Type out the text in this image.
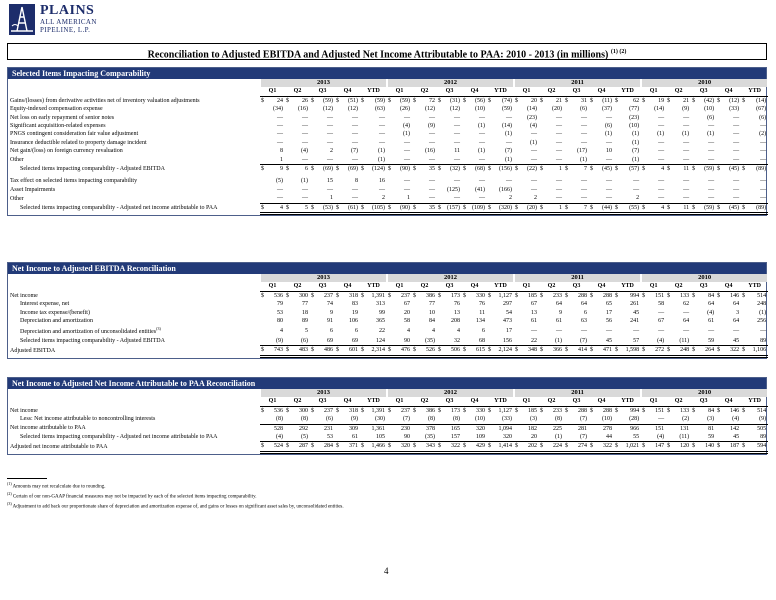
PLAINS
ALL AMERICAN
PIPELINE, L.P.
Reconciliation to Adjusted EBITDA and Adjusted Net Income Attributable to PAA: 2010 - 2013 (in millions) $^{(1) (2)}$
Selected Items Impacting Comparability
	2013										2012										2011										2010									
	Q1		Q2		Q3		Q4		YTD		Q1		Q2		Q3		Q4		YTD		Q1		Q2		Q3		Q4		YTD		Q1		Q2		Q3		Q4		YTD	
Gains/(losses) from derivative activities net of inventory valuation adjustments	$	24	$	26	$	(59)	$	(51)	$	(59)	$	(59)	$	72	$	(31)	$	(56)	$	(74)	$	20	$	21	$	31	$	(11)	$	62	$	19	$	21	$	(42)	$	(12)	$	(14)
Equity-indexed compensation expense		(34)		(16)		(12)		(12)		(63)		(26)		(12)		(12)		(10)		(59)		(14)		(20)		(6)		(37)		(77)		(14)		(9)		(10)		(33)		(67)
Net loss on early repayment of senior notes		—		—		—		—		—		—		—		—		—		—		(23)		—		—		—		(23)		—		—		(6)		—		(6)
Significant acquisition-related expenses		—		—		—		—		—		(4)		(9)		—		(1)		(14)		(4)		—		—		(6)		(10)		—		—		—		—		—
PNGS contingent consideration fair value adjustment		—		—		—		—		—		(1)		—		—		—		(1)		—		—		—		(1)		(1)		(1)		(1)		(1)		—		(2)
Insurance deductible related to property damage incident		—		—		—		—		—		—		—		—		—		—		(1)		—		—		—		(1)		—		—		—		—		—
Net gain/(loss) on foreign currency revaluation		8		(4)		2		(7)		(1)		—		(16)		11		(1)		(7)		—		—		(17)		10		(7)		—		—		—		—		—
Other		1		—		—		—		(1)		—		—		—		—		(1)		—		—		(1)		—		(1)		—		—		—		—		—
Selected items impacting comparability - Adjusted EBITDA	$	9	$	6	$	(69)	$	(69)	$	(124)	$	(90)	$	35	$	(32)	$	(68)	$	(156)	$	(22)	$	1	$	7	$	(45)	$	(57)	$	4	$	11	$	(59)	$	(45)	$	(89)

Tax effect on selected items impacting comparability		(5)		(1)		15		8		16		—		—		—		—		—		—		—		—		—		—		—		—		—		—		—
Asset Impairments		—		—		—		—		—		—		—		(125)		(41)		(166)		—		—		—		—		—		—		—		—		—		—
Other		—		—		1		—		2		1		—		—		—		2		2		—		—		—		2		—		—		—		—		—
Selected items impacting comparability - Adjusted net income attributable to PAA	$	4	$	5	$	(53)	$	(61)	$	(105)	$	(90)	$	35	$	(157)	$	(109)	$	(320)	$	(20)	$	1	$	7	$	(44)	$	(55)	$	4	$	11	$	(59)	$	(45)	$	(89)
Net Income to Adjusted EBITDA Reconciliation
	2013										2012										2011										2010									
	Q1		Q2		Q3		Q4		YTD		Q1		Q2		Q3		Q4		YTD		Q1		Q2		Q3		Q4		YTD		Q1		Q2		Q3		Q4		YTD	
Net income	$	536	$	300	$	237	$	318	$	1,391	$	237	$	386	$	173	$	330	$	1,127	$	185	$	233	$	288	$	288	$	994	$	151	$	133	$	84	$	146	$	514
Interest expense, net		79		77		74		83		313		67		77		76		76		297		67		64		64		65		261		58		62		64		64		248
Income tax expense/(benefit)		53		18		9		19		99		20		10		13		11		54		13		9		6		17		45		—		—		(4)		3		(1)
Depreciation and amortization		80		89		91		106		365		58		84		208		134		473		61		61		63		56		241		67		64		61		64		256
Depreciation and amortization of unconsolidated entities$^{(3)}$		4		5		6		6		22		4		4		4		6		17		—		—		—		—		—		—		—		—		—		—
Selected items impacting comparability - Adjusted EBITDA		(9)		(6)		69		69		124		90		(35)		32		68		156		22		(1)		(7)		45		57		(4)		(11)		59		45		89
Adjusted EBITDA	$	743	$	483	$	486	$	601	$	2,314	$	476	$	526	$	506	$	615	$	2,124	$	348	$	366	$	414	$	471	$	1,598	$	272	$	248	$	264	$	322	$	1,106
Net Income to Adjusted Net Income Attributable to PAA Reconciliation
	2013										2012										2011										2010									
	Q1		Q2		Q3		Q4		YTD		Q1		Q2		Q3		Q4		YTD		Q1		Q2		Q3		Q4		YTD		Q1		Q2		Q3		Q4		YTD	
Net income	$	536	$	300	$	237	$	318	$	1,391	$	237	$	386	$	173	$	330	$	1,127	$	185	$	233	$	288	$	288	$	994	$	151	$	133	$	84	$	146	$	514
Less: Net income attributable to noncontrolling interests		(8)		(8)		(6)		(9)		(30)		(7)		(8)		(8)		(10)		(33)		(3)		(8)		(7)		(10)		(28)		—		(2)		(3)		(4)		(9)
Net income attributable to PAA		528		292		231		309		1,361		230		378		165		320		1,094		182		225		281		278		966		151		131		81		142		505
Selected items impacting comparability - Adjusted net income attributable to PAA		(4)		(5)		53		61		105		90		(35)		157		109		320		20		(1)		(7)		44		55		(4)		(11)		59		45		89
Adjusted net income attributable to PAA	$	524	$	287	$	284	$	371	$	1,466	$	320	$	343	$	322	$	429	$	1,414	$	202	$	224	$	274	$	322	$	1,021	$	147	$	120	$	140	$	187	$	594
$^{(1)}$ Amounts may not recalculate due to rounding.
$^{(2)}$ Certain of our non-GAAP financial measures may not be impacted by each of the selected items impacting comparability.
$^{(3)}$ Adjustment to add back our proportionate share of depreciation and amortization expense of, and gains or losses on significant asset sales by, unconsolidated entities.
4
